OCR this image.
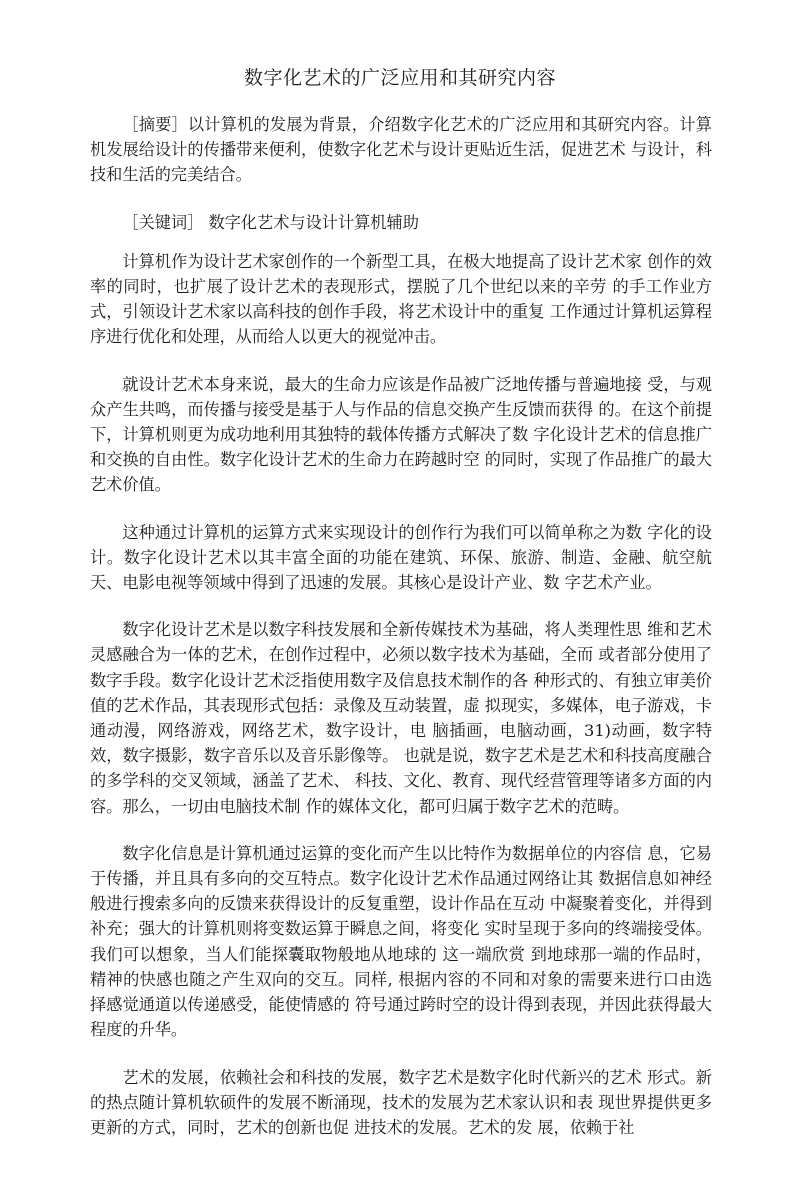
数字化艺术的广泛应用和其研究内容

［摘要］以计算机的发展为背景，介绍数字化艺术的广泛应用和其研究内容。计算机发展给设计的传播带来便利，使数字化艺术与设计更贴近生活，促进艺术 与设计，科技和生活的完美结合。

［关键词］ 数字化艺术与设计计算机辅助

计算机作为设计艺术家创作的一个新型工具，在极大地提高了设计艺术家 创作的效率的同时，也扩展了设计艺术的表现形式，摆脱了几个世纪以来的辛劳 的手工作业方式，引领设计艺术家以高科技的创作手段，将艺术设计中的重复 工作通过计算机运算程序进行优化和处理，从而给人以更大的视觉冲击。

就设计艺术本身来说，最大的生命力应该是作品被广泛地传播与普遍地接 受，与观众产生共鸣，而传播与接受是基于人与作品的信息交换产生反馈而获得 的。在这个前提下，计算机则更为成功地利用其独特的载体传播方式解决了数 字化设计艺术的信息推广和交换的自由性。数字化设计艺术的生命力在跨越时空 的同时，实现了作品推广的最大艺术价值。

这种通过计算机的运算方式来实现设计的创作行为我们可以简单称之为数 字化的设计。数字化设计艺术以其丰富全面的功能在建筑、环保、旅游、制造、金融、航空航天、电影电视等领域中得到了迅速的发展。其核心是设计产业、数 字艺术产业。

数字化设计艺术是以数字科技发展和全新传媒技术为基础，将人类理性思 维和艺术灵感融合为一体的艺术，在创作过程中，必须以数字技术为基础，全而 或者部分使用了数字手段。数字化设计艺术泛指使用数字及信息技术制作的各 种形式的、有独立审美价值的艺术作品，其表现形式包括：录像及互动装置，虚 拟现实，多媒体，电子游戏，卡通动漫，网络游戏，网络艺术，数字设计，电 脑插画，电脑动画，31)动画，数字特效，数字摄影，数字音乐以及音乐影像等。 也就是说，数字艺术是艺术和科技高度融合的多学科的交叉领域，涵盖了艺术、 科技、文化、教育、现代经营管理等诸多方面的内容。那么，一切由电脑技术制 作的媒体文化，都可归属于数字艺术的范畴。

数字化信息是计算机通过运算的变化而产生以比特作为数据单位的内容信 息，它易于传播，并且具有多向的交互特点。数字化设计艺术作品通过网络让其 数据信息如神经般进行搜索多向的反馈来获得设计的反复重塑，设计作品在互动 中凝聚着变化，并得到补充；强大的计算机则将变数运算于瞬息之间，将变化 实时呈现于多向的终端接受体。我们可以想象，当人们能探囊取物般地从地球的 这一端欣赏 到地球那一端的作品时，精神的快感也随之产生双向的交互。同样, 根据内容的不同和对象的需要来进行口由选择感觉通道以传递感受，能使情感的 符号通过跨时空的设计得到表现，并因此获得最大程度的升华。

艺术的发展，依赖社会和科技的发展，数字艺术是数字化时代新兴的艺术 形式。新的热点随计算机软硕件的发展不断涌现，技术的发展为艺术家认识和表 现世界提供更多更新的方式，同时，艺术的创新也促 进技术的发展。艺术的发 展，依赖于社
